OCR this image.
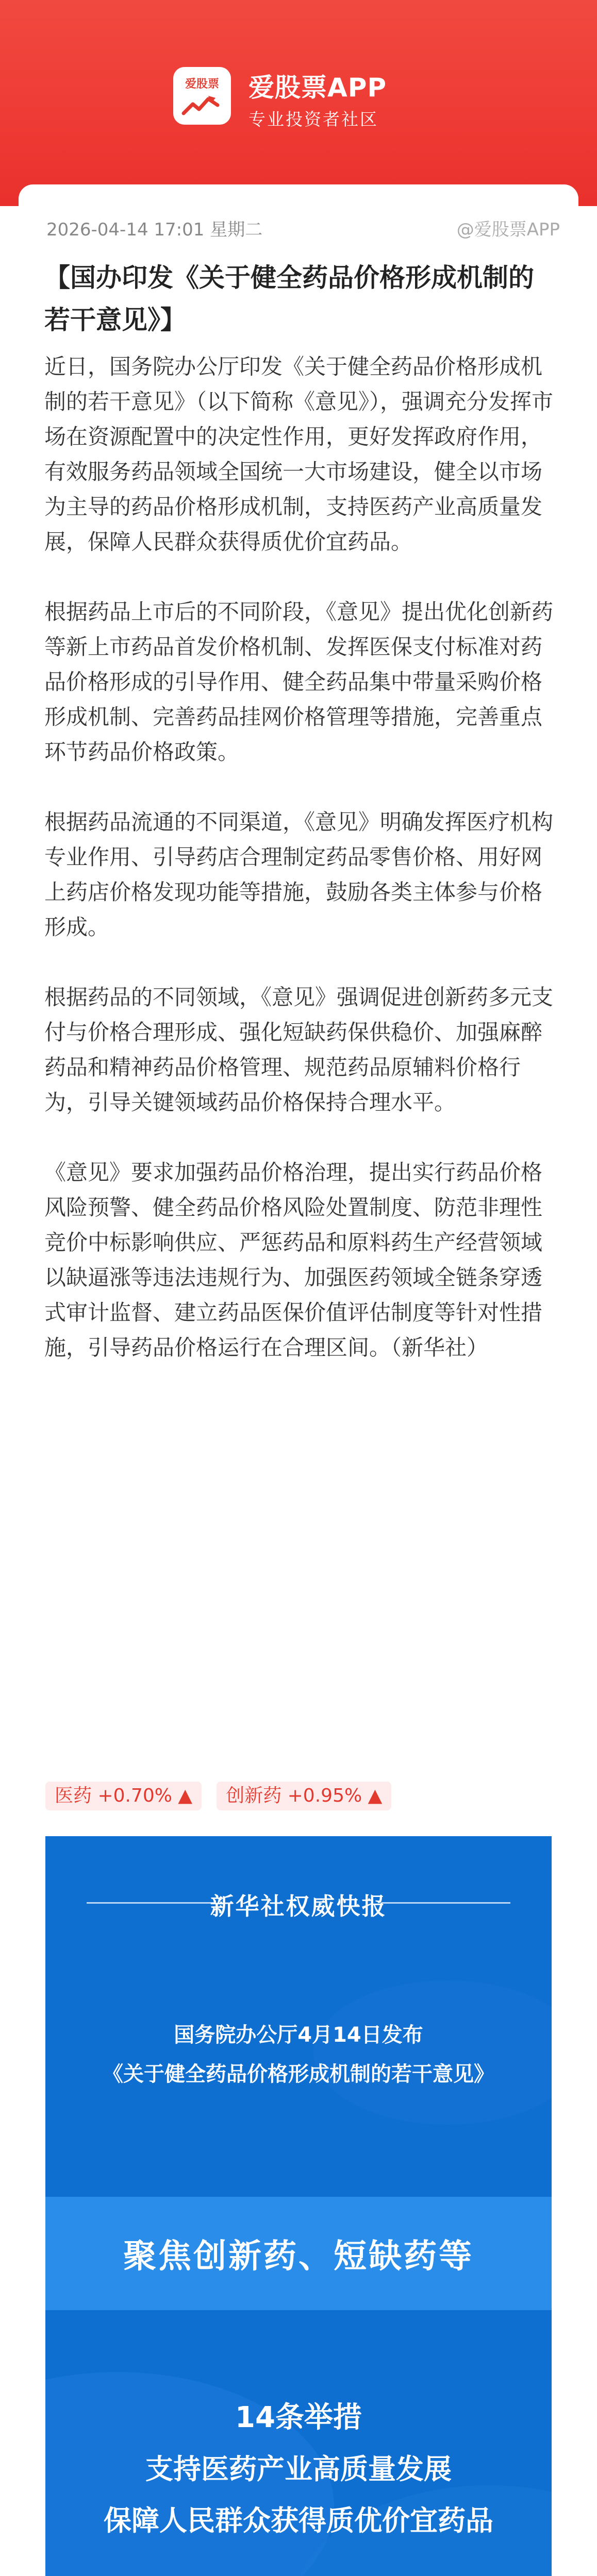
爱股票	爱股票APP
专业投资者社区
2026-04-14 17:01 星期二	@爱股票APP
【国办印发《关于健全药品价格形成机制的若干意见》】

近日，国务院办公厅印发《关于健全药品价格形成机制的若干意见》（以下简称《意见》），强调充分发挥市场在资源配置中的决定性作用，更好发挥政府作用，有效服务药品领域全国统一大市场建设，健全以市场为主导的药品价格形成机制，支持医药产业高质量发展，保障人民群众获得质优价宜药品。

根据药品上市后的不同阶段，《意见》提出优化创新药等新上市药品首发价格机制、发挥医保支付标准对药品价格形成的引导作用、健全药品集中带量采购价格形成机制、完善药品挂网价格管理等措施，完善重点环节药品价格政策。

根据药品流通的不同渠道，《意见》明确发挥医疗机构专业作用、引导药店合理制定药品零售价格、用好网上药店价格发现功能等措施，鼓励各类主体参与价格形成。

根据药品的不同领域，《意见》强调促进创新药多元支付与价格合理形成、强化短缺药保供稳价、加强麻醉药品和精神药品价格管理、规范药品原辅料价格行为，引导关键领域药品价格保持合理水平。

《意见》要求加强药品价格治理，提出实行药品价格风险预警、健全药品价格风险处置制度、防范非理性竞价中标影响供应、严惩药品和原料药生产经营领域以缺逼涨等违法违规行为、加强医药领域全链条穿透式审计监督、建立药品医保价值评估制度等针对性措施，引导药品价格运行在合理区间。（新华社）

医药 +0.70% ▲ 创新药 +0.95% ▲
新华社权威快报
国务院办公厅4月14日发布
《关于健全药品价格形成机制的若干意见》
聚焦创新药、短缺药等
14条举措
支持医药产业高质量发展
保障人民群众获得质优价宜药品
